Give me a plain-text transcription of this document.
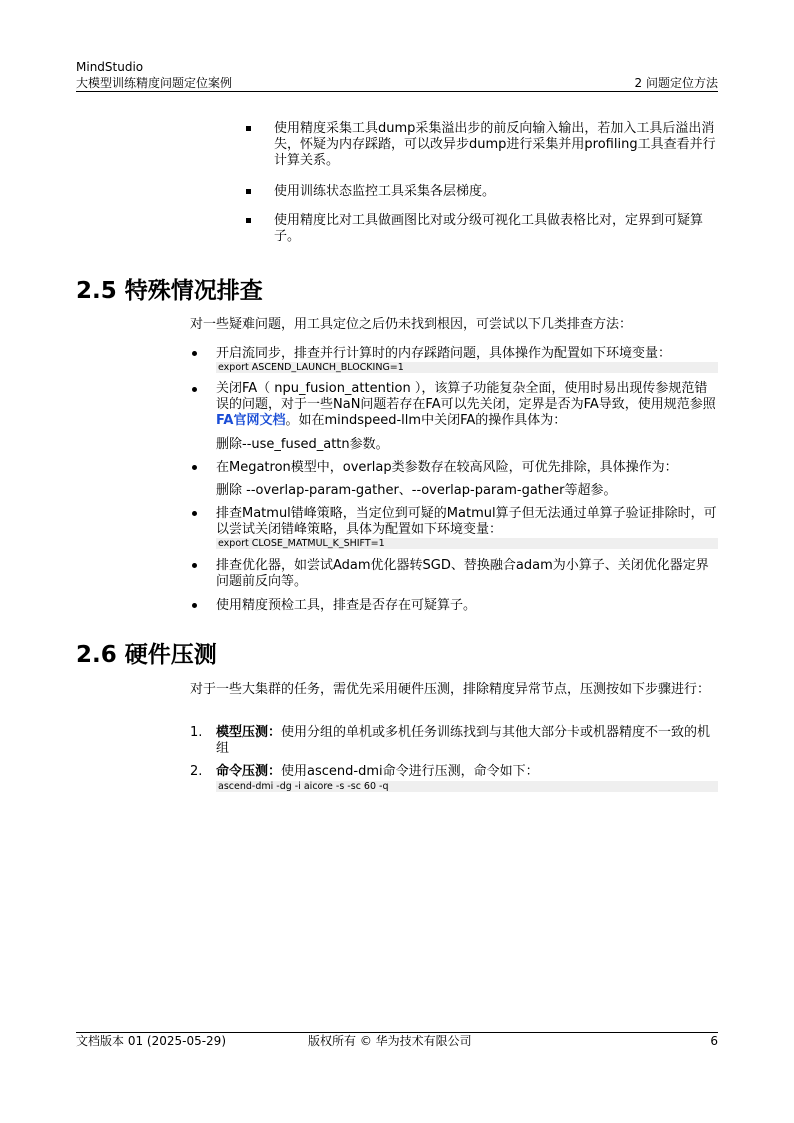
MindStudio
大模型训练精度问题定位案例	2 问题定位方法
使用精度采集工具dump采集溢出步的前反向输入输出，若加入工具后溢出消失，怀疑为内存踩踏，可以改异步dump进行采集并用profiling工具查看并行计算关系。
使用训练状态监控工具采集各层梯度。
使用精度比对工具做画图比对或分级可视化工具做表格比对，定界到可疑算子。
2.5 特殊情况排查
对一些疑难问题，用工具定位之后仍未找到根因，可尝试以下几类排查方法：
开启流同步，排查并行计算时的内存踩踏问题，具体操作为配置如下环境变量：
export ASCEND_LAUNCH_BLOCKING=1
关闭FA（ npu_fusion_attention ），该算子功能复杂全面，使用时易出现传参规范错误的问题，对于一些NaN问题若存在FA可以先关闭，定界是否为FA导致，使用规范参照FA官网文档。如在mindspeed-llm中关闭FA的操作具体为：
删除--use_fused_attn参数。
在Megatron模型中，overlap类参数存在较高风险，可优先排除，具体操作为：
删除 --overlap-param-gather、--overlap-param-gather等超参。
排查Matmul错峰策略，当定位到可疑的Matmul算子但无法通过单算子验证排除时，可以尝试关闭错峰策略，具体为配置如下环境变量：
export CLOSE_MATMUL_K_SHIFT=1
排查优化器，如尝试Adam优化器转SGD、替换融合adam为小算子、关闭优化器定界问题前反向等。
使用精度预检工具，排查是否存在可疑算子。
2.6 硬件压测
对于一些大集群的任务，需优先采用硬件压测，排除精度异常节点，压测按如下步骤进行：
1. 模型压测：使用分组的单机或多机任务训练找到与其他大部分卡或机器精度不一致的机组
2. 命令压测：使用ascend-dmi命令进行压测，命令如下：
ascend-dmi -dg -i aicore -s -sc 60 -q
文档版本 01 (2025-05-29)	版权所有 © 华为技术有限公司	6
